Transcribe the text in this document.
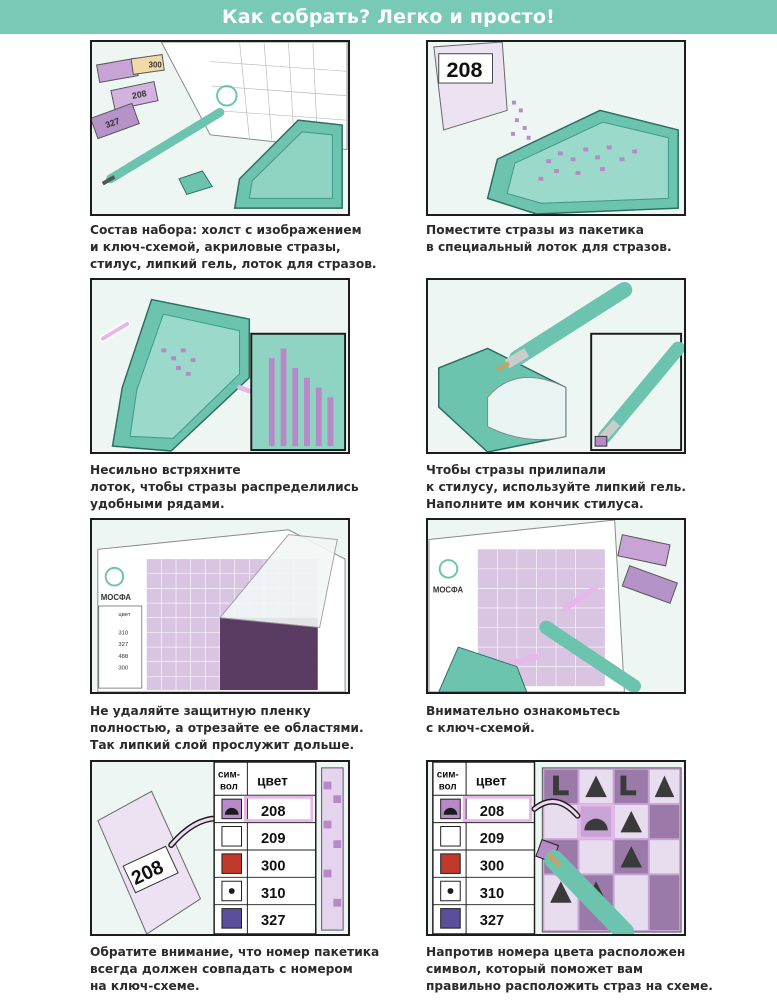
Как собрать? Легко и просто!
300
208
327
208
МОСФА
цвет
310
327
488
300
МОСФА
208
сим-
вол цвет
208
209
300
310
327
сим-
вол цвет
208
209
300
310
327
Состав набора: холст с изображением
и ключ-схемой, акриловые стразы,
стилус, липкий гель, лоток для стразов.
Поместите стразы из пакетика
в специальный лоток для стразов.
Несильно встряхните
лоток, чтобы стразы распределились
удобными рядами.
Чтобы стразы прилипали
к стилусу, используйте липкий гель.
Наполните им кончик стилуса.
Не удаляйте защитную пленку
полностью, а отрезайте ее областями.
Так липкий слой прослужит дольше.
Внимательно ознакомьтесь
с ключ-схемой.
Обратите внимание, что номер пакетика
всегда должен совпадать с номером
на ключ-схеме.
Напротив номера цвета расположен
символ, который поможет вам
правильно расположить страз на схеме.
